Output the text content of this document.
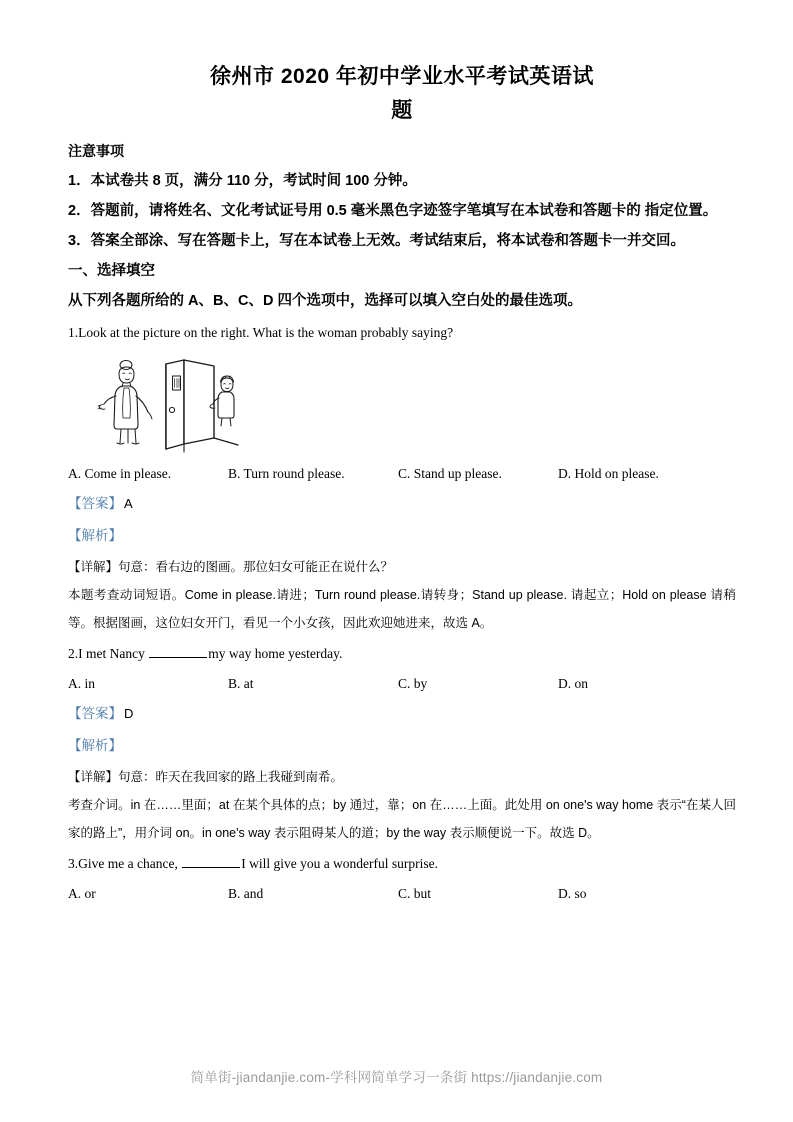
徐州市 2020 年初中学业水平考试英语试
题
注意事项

1．本试卷共 8 页，满分 110 分，考试时间 100 分钟。

2．答题前，请将姓名、文化考试证号用 0.5 毫米黑色字迹签字笔填写在本试卷和答题卡的 指定位置。

3．答案全部涂、写在答题卡上，写在本试卷上无效。考试结束后，将本试卷和答题卡一并交回。

一、选择填空
从下列各题所给的 A、B、C、D 四个选项中，选择可以填入空白处的最佳选项。

1.Look at the picture on the right. What is the woman probably saying?

A. Come in please.	B. Turn round please.	C. Stand up please.	D. Hold on please.

【答案】 A

【解析】

【详解】句意：看右边的图画。那位妇女可能正在说什么？

本题考查动词短语。Come in please.请进；Turn round please.请转身；Stand up please. 请起立；Hold on please 请稍等。根据图画，这位妇女开门，看见一个小女孩，因此欢迎她进来，故选 A。

2.I met Nancy	my way home yesterday.

A. in	B. at	C. by	D. on

【答案】 D

【解析】

【详解】句意：昨天在我回家的路上我碰到南希。

考查介词。in 在……里面；at 在某个具体的点；by 通过，靠；on 在……上面。此处用 on one's way home 表示“在某人回家的路上”，用介词 on。in one's way 表示阻碍某人的道；by the way 表示顺便说一下。故选 D。

3.Give me a chance,	I will give you a wonderful surprise.

A. or	B. and	C. but	D. so
简单街-jiandanjie.com-学科网简单学习一条街 https://jiandanjie.com
